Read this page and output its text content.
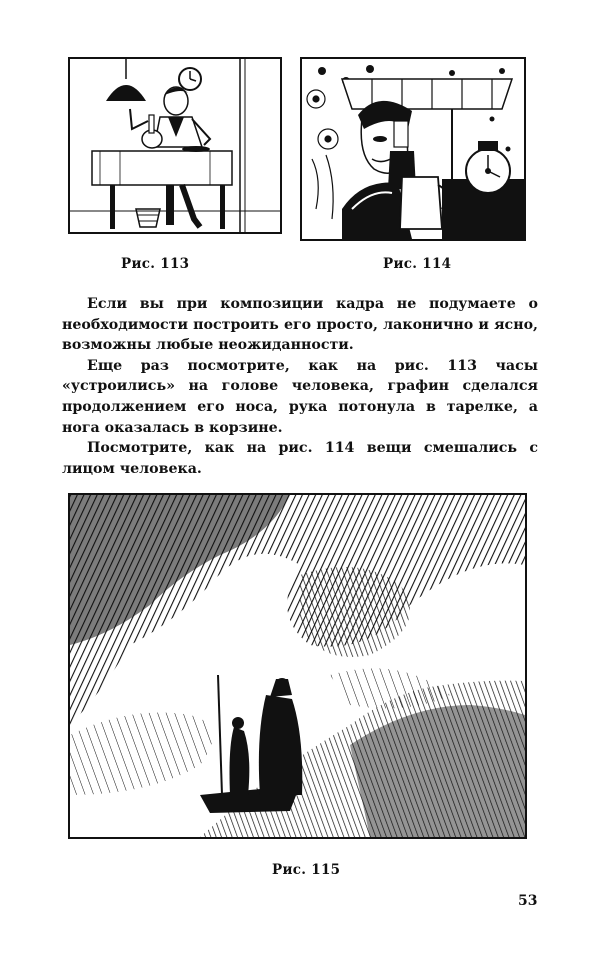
Рис. 113	Рис. 114

Если вы при композиции кадра не подумаете о необходимости построить его просто, лаконично и ясно, возможны любые неожиданности.

Еще раз посмотрите, как на рис. 113 часы «устроились» на голове человека, графин сделался продолжением его носа, рука потонула в тарелке, а нога оказалась в корзине.

Посмотрите, как на рис. 114 вещи смешались с лицом человека.

Рис. 115
53
